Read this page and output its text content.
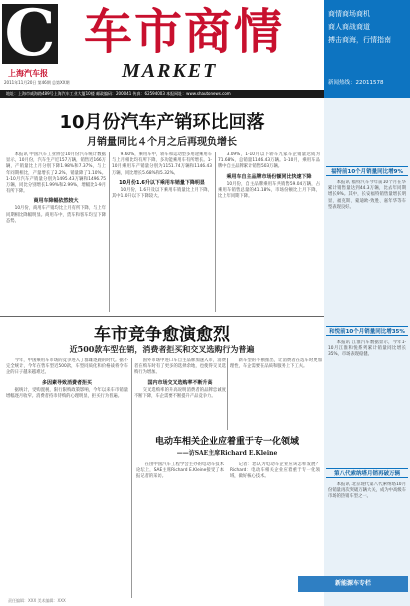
C
上海汽车报
2011年11月20日 第46期 总第XX期
车市商情
MARKET
商情商场商机
商人商战商道
搏击商海，行情指南
新闻热线：22011578
地址：上海市威海路489号上海汽车工业大厦10楼 邮政编码：200041 传真：62594003 本报网址：www.shautonews.com
10月份汽车产销环比回落
月销量同比４个月之后再现负增长

本报讯 中国汽车工业协会10月份汽车统计数据显示，10月份，汽车生产近157万辆，销售近166万辆，产销量比上月分别下降1.98%和7.37%，与上年同期相比，产量增长了2.2%，销量降了1.10%。1-10月汽车产销量分别为1495.43万辆和1496.75万辆，同比分别增长1.99%和2.99%，增幅比1-9月有所下降。

商用车降幅依然较大

10月份，商用车产销均比上月有所下降，与上年同期相比降幅明显。商用车中，货车和客车均呈下降态势。

9.60%，乘用车中，轿车和运动型多用途乘用车与上月相比均有所下降，多功能乘用车有所增长。1-10月乘用车产销量分别为1151.74万辆和1146.43万辆，同比增长5.68%和5.32%。

10月份1.6升以下乘用车销量下降明显

10月份，1.6升及以下乘用车销量比上月下降，其中1.0升以下下降较大。

3.09%，1-10月以下轿车九家车企销量达成为71.68%，总销量1146.43万辆。1-10月，乘用车品牌中自主品牌累计销售503万辆。

乘用车自主品牌市场份额同比快速下降

10月份，自主品牌乘用车共销售59.04万辆，占乘用车销售总量的41.18%，市场份额比上月下降，比上年同期下降。

车市竞争愈演愈烈
近500款车型在销，消费者拒买和交叉选购行为普遍

今年，中国乘用车市场的竞争进入了群雄逐鹿的时代。据不完全统计，今年在售车型近500款，车型同质化和价格战将令车企的日子越来越难过。

多因素导致消费者拒买

据统计，受购置税、限行限购政策影响，今年以来车市销量增幅逐月收窄。消费者持币待购的心理明显，拒买行为普遍。

国外市场中进口车自主品牌加速入市，消费者在购车时有了更多的选择余地，也使得交叉选购行为增加。

国内市场交叉选购率不断升高

交叉选购率的升高说明消费者的品牌忠诚度不断下降，车企需要不断提升产品竞争力。

新车型的不断推出，让消费者在选车时更加理性，车企需要在品质和服务上下工夫。

电动车相关企业应着重于专一化领域
——访SAE主席Richard E.Kleine

在由中国汽车工程学会主办的电动车技术论坛上，SAE主席Richard E.Kleine接受了本报记者的采访。

记者：您认为电动车企业应该怎样发展？Richard：电动车相关企业应着重于专一化领域，做好核心技术。

福特前10个月销量同比增9%

本报讯 福特汽车今年前10个月在华累计销售量达到44.3万辆，比去年同期增长9%。其中，长安福特销售量增长明显，福克斯、蒙迪欧-致胜、嘉年华等车型表现良好。

和悦前10个月销量同比增35%

本报讯 江淮汽车数据显示，今年1-10月江淮和悦系列累计销量同比增长35%，市场表现稳健。

第八代索纳塔月销再破万辆

本报讯 北京现代第八代索纳塔10月份销量再次突破万辆大关，成为中高级车市场的热销车型之一。

新能源车专栏
责任编辑：XXX 美术编辑：XXX
